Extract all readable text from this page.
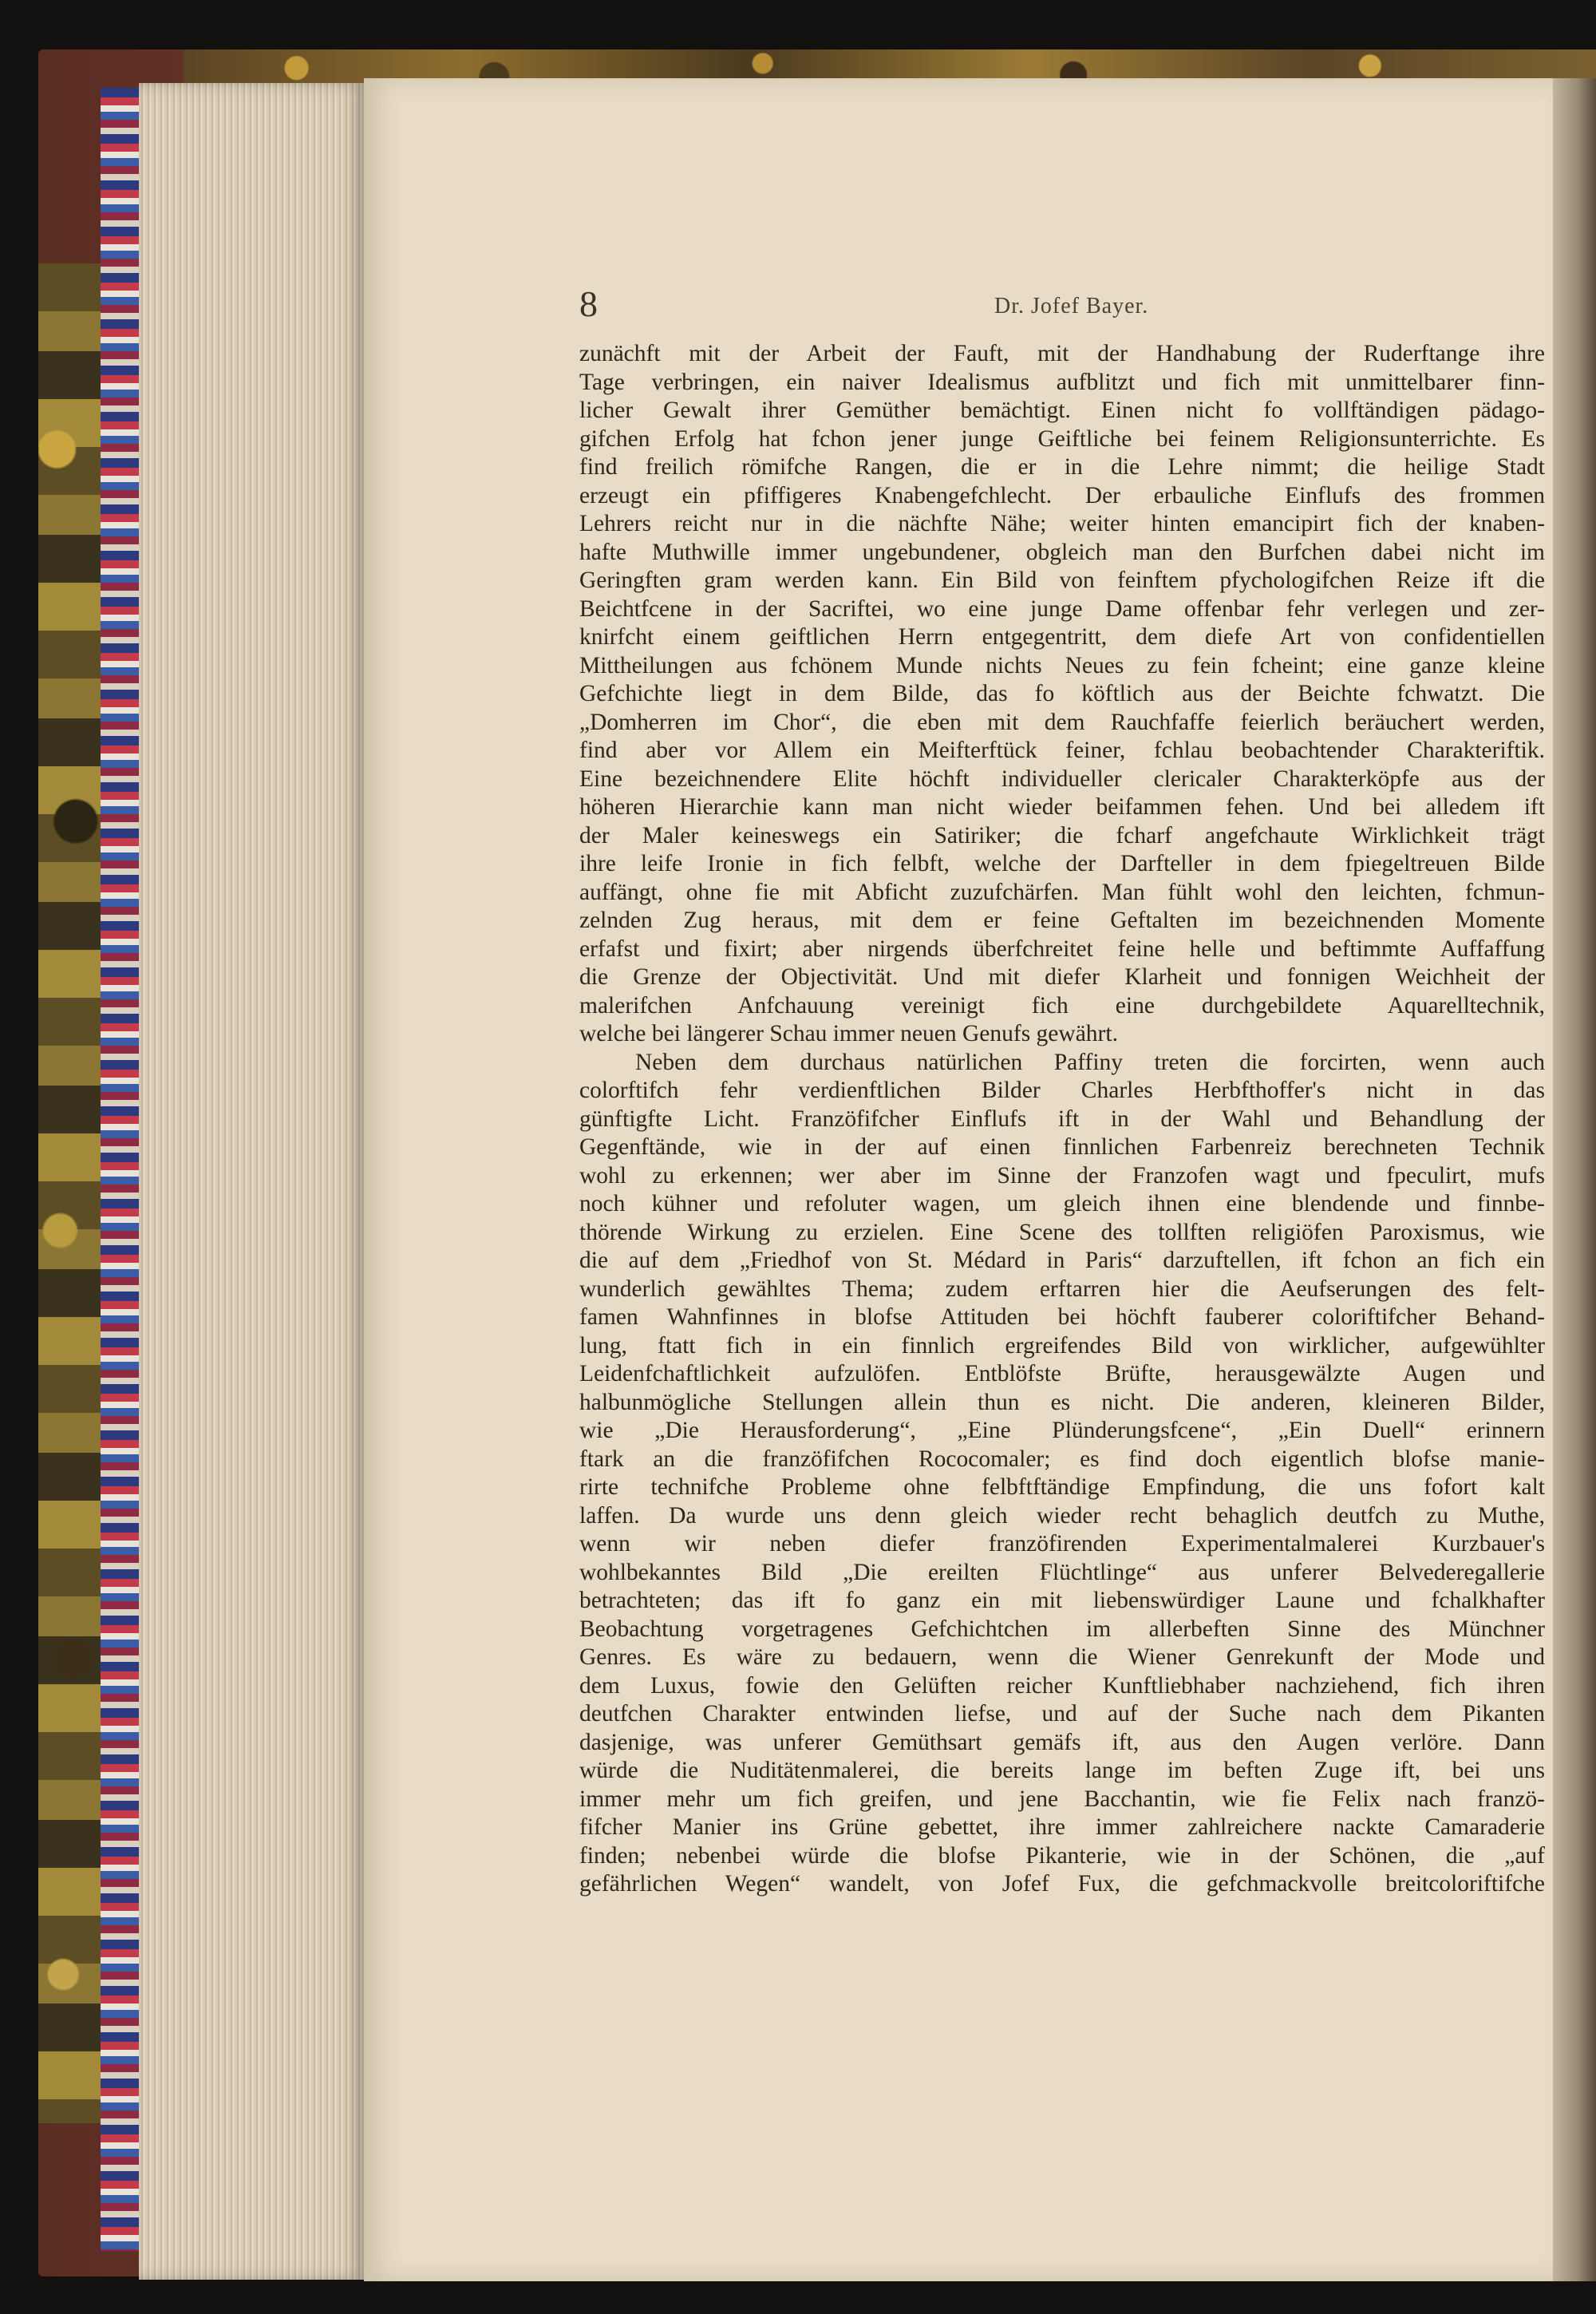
8	Dr. Jofef Bayer.
zunächft mit der Arbeit der Fauft, mit der Handhabung der Ruderftange ihre
Tage verbringen, ein naiver Idealismus aufblitzt und fich mit unmittelbarer finn-
licher Gewalt ihrer Gemüther bemächtigt. Einen nicht fo vollftändigen pädago-
gifchen Erfolg hat fchon jener junge Geiftliche bei feinem Religionsunterrichte. Es
find freilich römifche Rangen, die er in die Lehre nimmt; die heilige Stadt
erzeugt ein pfiffigeres Knabengefchlecht. Der erbauliche Einflufs des frommen
Lehrers reicht nur in die nächfte Nähe; weiter hinten emancipirt fich der knaben-
hafte Muthwille immer ungebundener, obgleich man den Burfchen dabei nicht im
Geringften gram werden kann. Ein Bild von feinftem pfychologifchen Reize ift die
Beichtfcene in der Sacriftei, wo eine junge Dame offenbar fehr verlegen und zer-
knirfcht einem geiftlichen Herrn entgegentritt, dem diefe Art von confidentiellen
Mittheilungen aus fchönem Munde nichts Neues zu fein fcheint; eine ganze kleine
Gefchichte liegt in dem Bilde, das fo köftlich aus der Beichte fchwatzt. Die
„Domherren im Chor“, die eben mit dem Rauchfaffe feierlich beräuchert werden,
find aber vor Allem ein Meifterftück feiner, fchlau beobachtender Charakteriftik.
Eine bezeichnendere Elite höchft individueller clericaler Charakterköpfe aus der
höheren Hierarchie kann man nicht wieder beifammen fehen. Und bei alledem ift
der Maler keineswegs ein Satiriker; die fcharf angefchaute Wirklichkeit trägt
ihre leife Ironie in fich felbft, welche der Darfteller in dem fpiegeltreuen Bilde
auffängt, ohne fie mit Abficht zuzufchärfen. Man fühlt wohl den leichten, fchmun-
zelnden Zug heraus, mit dem er feine Geftalten im bezeichnenden Momente
erfafst und fixirt; aber nirgends überfchreitet feine helle und beftimmte Auffaffung
die Grenze der Objectivität. Und mit diefer Klarheit und fonnigen Weichheit der
malerifchen Anfchauung vereinigt fich eine durchgebildete Aquarelltechnik,
welche bei längerer Schau immer neuen Genufs gewährt.
Neben dem durchaus natürlichen Paffiny treten die forcirten, wenn auch
colorftifch fehr verdienftlichen Bilder Charles Herbfthoffer's nicht in das
günftigfte Licht. Franzöfifcher Einflufs ift in der Wahl und Behandlung der
Gegenftände, wie in der auf einen finnlichen Farbenreiz berechneten Technik
wohl zu erkennen; wer aber im Sinne der Franzofen wagt und fpeculirt, mufs
noch kühner und refoluter wagen, um gleich ihnen eine blendende und finnbe-
thörende Wirkung zu erzielen. Eine Scene des tollften religiöfen Paroxismus, wie
die auf dem „Friedhof von St. Médard in Paris“ darzuftellen, ift fchon an fich ein
wunderlich gewähltes Thema; zudem erftarren hier die Aeufserungen des felt-
famen Wahnfinnes in blofse Attituden bei höchft fauberer coloriftifcher Behand-
lung, ftatt fich in ein finnlich ergreifendes Bild von wirklicher, aufgewühlter
Leidenfchaftlichkeit aufzulöfen. Entblöfste Brüfte, herausgewälzte Augen und
halbunmögliche Stellungen allein thun es nicht. Die anderen, kleineren Bilder,
wie „Die Herausforderung“, „Eine Plünderungsfcene“, „Ein Duell“ erinnern
ftark an die franzöfifchen Rococomaler; es find doch eigentlich blofse manie-
rirte technifche Probleme ohne felbftftändige Empfindung, die uns fofort kalt
laffen. Da wurde uns denn gleich wieder recht behaglich deutfch zu Muthe,
wenn wir neben diefer franzöfirenden Experimentalmalerei Kurzbauer's
wohlbekanntes Bild „Die ereilten Flüchtlinge“ aus unferer Belvederegallerie
betrachteten; das ift fo ganz ein mit liebenswürdiger Laune und fchalkhafter
Beobachtung vorgetragenes Gefchichtchen im allerbeften Sinne des Münchner
Genres. Es wäre zu bedauern, wenn die Wiener Genrekunft der Mode und
dem Luxus, fowie den Gelüften reicher Kunftliebhaber nachziehend, fich ihren
deutfchen Charakter entwinden liefse, und auf der Suche nach dem Pikanten
dasjenige, was unferer Gemüthsart gemäfs ift, aus den Augen verlöre. Dann
würde die Nuditätenmalerei, die bereits lange im beften Zuge ift, bei uns
immer mehr um fich greifen, und jene Bacchantin, wie fie Felix nach franzö-
fifcher Manier ins Grüne gebettet, ihre immer zahlreichere nackte Camaraderie
finden; nebenbei würde die blofse Pikanterie, wie in der Schönen, die „auf
gefährlichen Wegen“ wandelt, von Jofef Fux, die gefchmackvolle breitcoloriftifche
